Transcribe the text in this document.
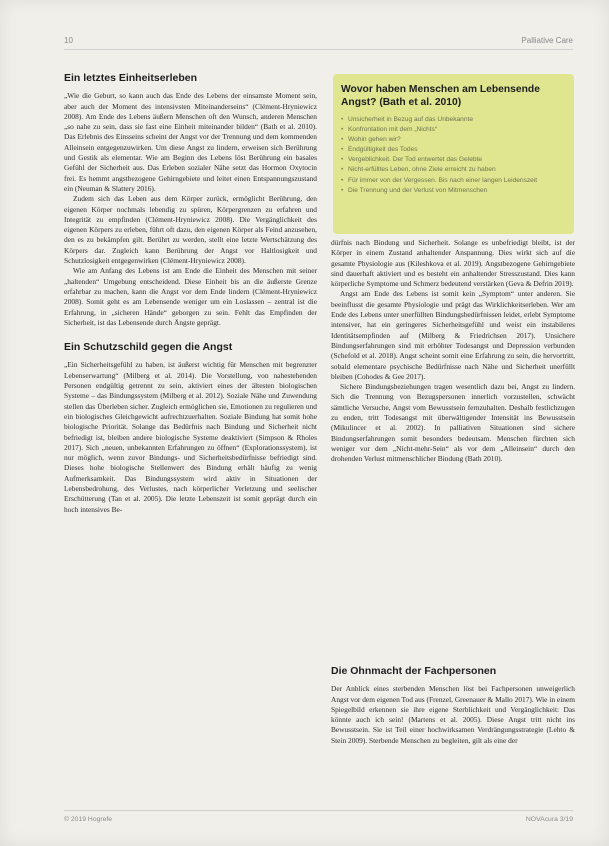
10	Palliative Care
Ein letztes Einheitserleben

„Wie die Geburt, so kann auch das Ende des Lebens der einsamste Moment sein, aber auch der Moment des intensivsten Miteinanderseins“ (Clément-Hryniewicz 2008). Am Ende des Lebens äußern Menschen oft den Wunsch, anderen Menschen „so nahe zu sein, dass sie fast eine Einheit miteinander bilden“ (Bath et al. 2010). Das Erlebnis des Einsseins scheint der Angst vor der Trennung und dem kommenden Alleinsein entgegenzuwirken. Um diese Angst zu lindern, erweisen sich Berührung und Gestik als elementar. Wie am Beginn des Lebens löst Berührung ein basales Gefühl der Sicherheit aus. Das Erleben sozialer Nähe setzt das Hormon Oxytocin frei. Es hemmt angstbezogene Gehirngebiete und leitet einen Entspannungszustand ein (Neuman & Slattery 2016).

Zudem sich das Leben aus dem Körper zurück, ermöglicht Berührung, den eigenen Körper nochmals lebendig zu spüren, Körpergrenzen zu erfahren und Integrität zu empfinden (Clément-Hryniewicz 2008). Die Vergänglichkeit des eigenen Körpers zu erleben, führt oft dazu, den eigenen Körper als Feind anzusehen, den es zu bekämpfen gilt. Berührt zu werden, stellt eine letzte Wertschätzung des Körpers dar. Zugleich kann Berührung der Angst vor Haltlosigkeit und Schutzlosigkeit entgegenwirken (Clément-Hryniewicz 2008).

Wie am Anfang des Lebens ist am Ende die Einheit des Menschen mit seiner „haltenden“ Umgebung entscheidend. Diese Einheit bis an die äußerste Grenze erfahrbar zu machen, kann die Angst vor dem Ende lindern (Clément-Hryniewicz 2008). Somit geht es am Lebensende weniger um ein Loslassen – zentral ist die Erfahrung, in „sicheren Hände“ geborgen zu sein. Fehlt das Empfinden der Sicherheit, ist das Lebensende durch Ängste geprägt.

Ein Schutzschild gegen die Angst

„Ein Sicherheitsgefühl zu haben, ist äußerst wichtig für Menschen mit begrenzter Lebenserwartung“ (Milberg et al. 2014). Die Vorstellung, von nahestehenden Personen endgültig getrennt zu sein, aktiviert eines der ältesten biologischen Systeme – das Bindungssystem (Milberg et al. 2012). Soziale Nähe und Zuwendung stellen das Überleben sicher. Zugleich ermöglichen sie, Emotionen zu regulieren und ein biologisches Gleichgewicht aufrechtzuerhalten. Soziale Bindung hat somit hohe biologische Priorität. Solange das Bedürfnis nach Bindung und Sicherheit nicht befriedigt ist, bleiben andere biologische Systeme deaktiviert (Simpson & Rholes 2017). Sich „neuen, unbekannten Erfahrungen zu öffnen“ (Explorationssystem), ist nur möglich, wenn zuvor Bindungs- und Sicherheitsbedürfnisse befriedigt sind. Dieses hohe biologische Stellenwert des Bindung erhält häufig zu wenig Aufmerksamkeit. Das Bindungssystem wird aktiv in Situationen der Lebensbedrohung, des Verlustes, nach körperlicher Verletzung und seelischer Erschütterung (Tan et al. 2005). Die letzte Lebenszeit ist somit geprägt durch ein hoch intensives Be-

Wovor haben Menschen am Lebensende Angst? (Bath et al. 2010)
• Unsicherheit in Bezug auf das Unbekannte
• Konfrontation mit dem „Nichts“
• Wohin gehen wir?
• Endgültigkeit des Todes
• Vergeblichkeit. Der Tod entwertet das Gelebte
• Nicht-erfülltes Leben, ohne Ziele erreicht zu haben
• Für immer von der Vergessen. Bis nach einer langen Leidenszeit
• Die Trennung und der Verlust von Mitmenschen

dürfnis nach Bindung und Sicherheit. Solange es unbefriedigt bleibt, ist der Körper in einem Zustand anhaltender Anspannung. Dies wirkt sich auf die gesamte Physiologie aus (Kileshkova et al. 2019). Angstbezogene Gehirngebiete sind dauerhaft aktiviert und es besteht ein anhaltender Stresszustand. Dies kann körperliche Symptome und Schmerz bedeutend verstärken (Geva & Defrin 2019).

Angst am Ende des Lebens ist somit kein „Symptom“ unter anderen. Sie beeinflusst die gesamte Physiologie und prägt das Wirklichkeitserleben. Wer am Ende des Lebens unter unerfüllten Bindungsbedürfnissen leidet, erlebt Symptome intensiver, hat ein geringeres Sicherheitsgefühl und weist ein instabileres Identitätsempfinden auf (Milberg & Friedrichsen 2017). Unsichere Bindungserfahrungen sind mit erhöhter Todesangst und Depression verbunden (Schefold et al. 2018). Angst scheint somit eine Erfahrung zu sein, die hervortritt, sobald elementare psychische Bedürfnisse nach Nähe und Sicherheit unerfüllt bleiben (Cohodes & Gee 2017).

Sichere Bindungsbeziehungen tragen wesentlich dazu bei, Angst zu lindern. Sich die Trennung von Bezugspersonen innerlich vorzustellen, schwächt sämtliche Versuche, Angst vom Bewusstsein fernzuhalten. Deshalb festlichzugen zu enden, tritt Todesangst mit überwältigender Intensität ins Bewusstsein (Mikulincer et al. 2002). In palliativen Situationen sind sichere Bindungserfahrungen somit besonders bedeutsam. Menschen fürchten sich weniger vor dem „Nicht-mehr-Sein“ als vor dem „Alleinsein“ durch den drohenden Verlust mitmenschlicher Bindung (Bath 2010).

Die Ohnmacht der Fachpersonen

Der Anblick eines sterbenden Menschen löst bei Fachpersonen unweigerlich Angst vor dem eigenen Tod aus (Frenzel, Greenauer & Mallo 2017). Wie in einem Spiegelbild erkennen sie ihre eigene Sterblichkeit und Vergänglichkeit: Das könnte auch ich sein! (Martens et al. 2005). Diese Angst tritt nicht ins Bewusstsein. Sie ist Teil einer hochwirksamen Verdrängungsstrategie (Lehto & Stein 2009). Sterbende Menschen zu begleiten, gilt als eine der

© 2019 Hogrefe	NOVAcura 3/19
